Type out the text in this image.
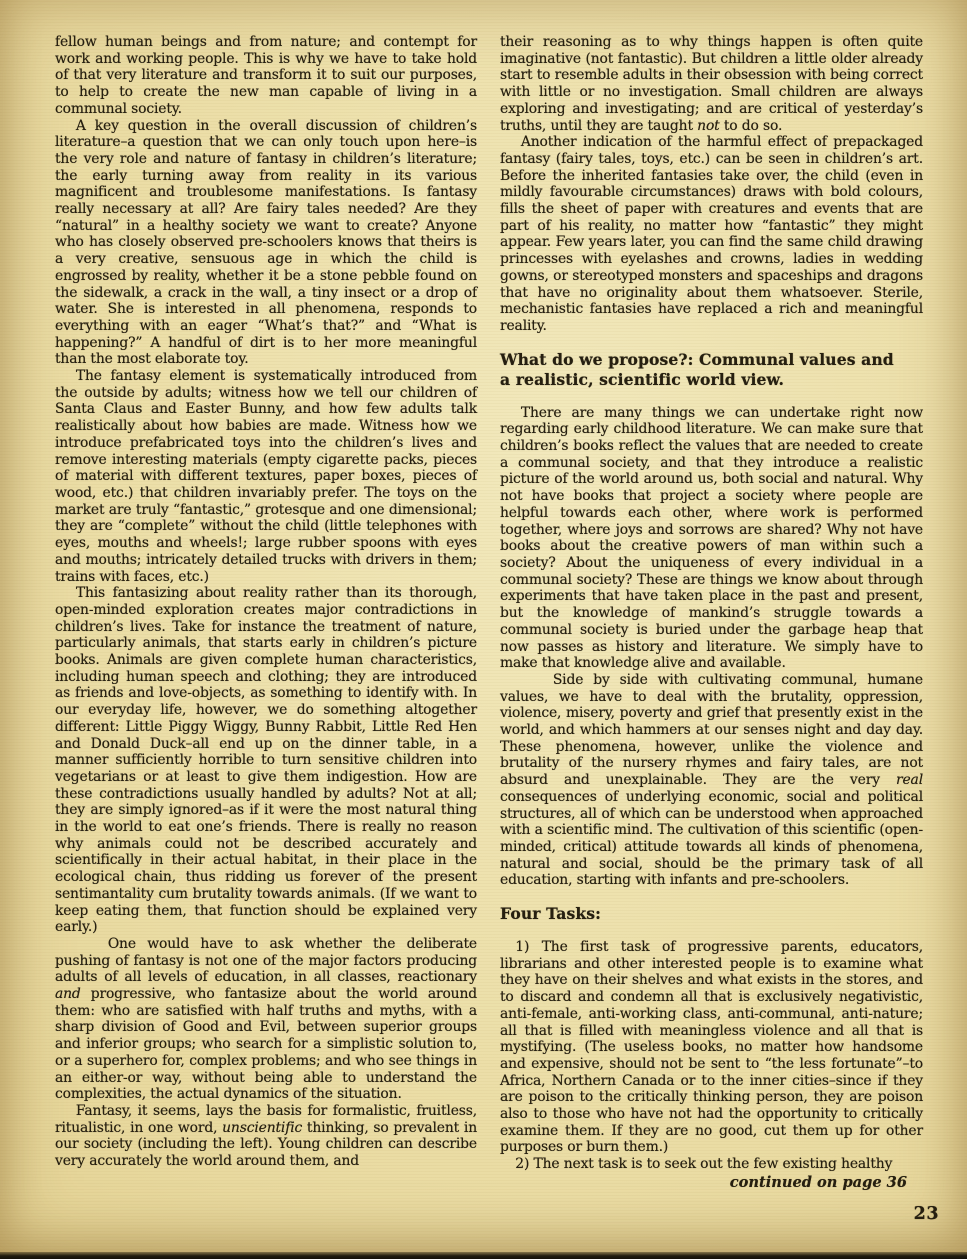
fellow human beings and from nature; and contempt for work and working people. This is why we have to take hold of that very literature and transform it to suit our purposes, to help to create the new man capable of living in a communal society.

A key question in the overall discussion of children’s literature–a question that we can only touch upon here–is the very role and nature of fantasy in children’s literature; the early turning away from reality in its various magnificent and troublesome manifestations. Is fantasy really necessary at all? Are fairy tales needed? Are they “natural” in a healthy society we want to create? Anyone who has closely observed pre-schoolers knows that theirs is a very creative, sensuous age in which the child is engrossed by reality, whether it be a stone pebble found on the sidewalk, a crack in the wall, a tiny insect or a drop of water. She is interested in all phenomena, responds to everything with an eager “What’s that?” and “What is happening?” A handful of dirt is to her more meaningful than the most elaborate toy.

The fantasy element is systematically introduced from the outside by adults; witness how we tell our children of Santa Claus and Easter Bunny, and how few adults talk realistically about how babies are made. Witness how we introduce prefabricated toys into the children’s lives and remove interesting materials (empty cigarette packs, pieces of material with different textures, paper boxes, pieces of wood, etc.) that children invariably prefer. The toys on the market are truly “fantastic,” grotesque and one dimensional; they are “complete” without the child (little telephones with eyes, mouths and wheels!; large rubber spoons with eyes and mouths; intricately detailed trucks with drivers in them; trains with faces, etc.)

This fantasizing about reality rather than its thorough, open-minded exploration creates major contradictions in children’s lives. Take for instance the treatment of nature, particularly animals, that starts early in children’s picture books. Animals are given complete human characteristics, including human speech and clothing; they are introduced as friends and love-objects, as something to identify with. In our everyday life, however, we do something altogether different: Little Piggy Wiggy, Bunny Rabbit, Little Red Hen and Donald Duck–all end up on the dinner table, in a manner sufficiently horrible to turn sensitive children into vegetarians or at least to give them indigestion. How are these contradictions usually handled by adults? Not at all; they are simply ignored–as if it were the most natural thing in the world to eat one’s friends. There is really no reason why animals could not be described accurately and scientifically in their actual habitat, in their place in the ecological chain, thus ridding us forever of the present sentimantality cum brutality towards animals. (If we want to keep eating them, that function should be explained very early.)

One would have to ask whether the deliberate pushing of fantasy is not one of the major factors producing adults of all levels of education, in all classes, reactionary and progressive, who fantasize about the world around them: who are satisfied with half truths and myths, with a sharp division of Good and Evil, between superior groups and inferior groups; who search for a simplistic solution to, or a superhero for, complex problems; and who see things in an either-or way, without being able to understand the complexities, the actual dynamics of the situation.

Fantasy, it seems, lays the basis for formalistic, fruitless, ritualistic, in one word, unscientific thinking, so prevalent in our society (including the left). Young children can describe very accurately the world around them, and

their reasoning as to why things happen is often quite imaginative (not fantastic). But children a little older already start to resemble adults in their obsession with being correct with little or no investigation. Small children are always exploring and investigating; and are critical of yesterday’s truths, until they are taught not to do so.

Another indication of the harmful effect of prepackaged fantasy (fairy tales, toys, etc.) can be seen in children’s art. Before the inherited fantasies take over, the child (even in mildly favourable circumstances) draws with bold colours, fills the sheet of paper with creatures and events that are part of his reality, no matter how “fantastic” they might appear. Few years later, you can find the same child drawing princesses with eyelashes and crowns, ladies in wedding gowns, or stereotyped monsters and spaceships and dragons that have no originality about them whatsoever. Sterile, mechanistic fantasies have replaced a rich and meaningful reality.

What do we propose?: Communal values and
a realistic, scientific world view.

There are many things we can undertake right now regarding early childhood literature. We can make sure that children’s books reflect the values that are needed to create a communal society, and that they introduce a realistic picture of the world around us, both social and natural. Why not have books that project a society where people are helpful towards each other, where work is performed together, where joys and sorrows are shared? Why not have books about the creative powers of man within such a society? About the uniqueness of every individual in a communal society? These are things we know about through experiments that have taken place in the past and present, but the knowledge of mankind’s struggle towards a communal society is buried under the garbage heap that now passes as history and literature. We simply have to make that knowledge alive and available.

Side by side with cultivating communal, humane values, we have to deal with the brutality, oppression, violence, misery, poverty and grief that presently exist in the world, and which hammers at our senses night and day day. These phenomena, however, unlike the violence and brutality of the nursery rhymes and fairy tales, are not absurd and unexplainable. They are the very real consequences of underlying economic, social and political structures, all of which can be understood when approached with a scientific mind. The cultivation of this scientific (open-minded, critical) attitude towards all kinds of phenomena, natural and social, should be the primary task of all education, starting with infants and pre-schoolers.

Four Tasks:

1) The first task of progressive parents, educators, librarians and other interested people is to examine what they have on their shelves and what exists in the stores, and to discard and condemn all that is exclusively negativistic, anti-female, anti-working class, anti-communal, anti-nature; all that is filled with meaningless violence and all that is mystifying. (The useless books, no matter how handsome and expensive, should not be sent to “the less fortunate”–to Africa, Northern Canada or to the inner cities–since if they are poison to the critically thinking person, they are poison also to those who have not had the opportunity to critically examine them. If they are no good, cut them up for other purposes or burn them.)

2) The next task is to seek out the few existing healthy

continued on page 36
23
